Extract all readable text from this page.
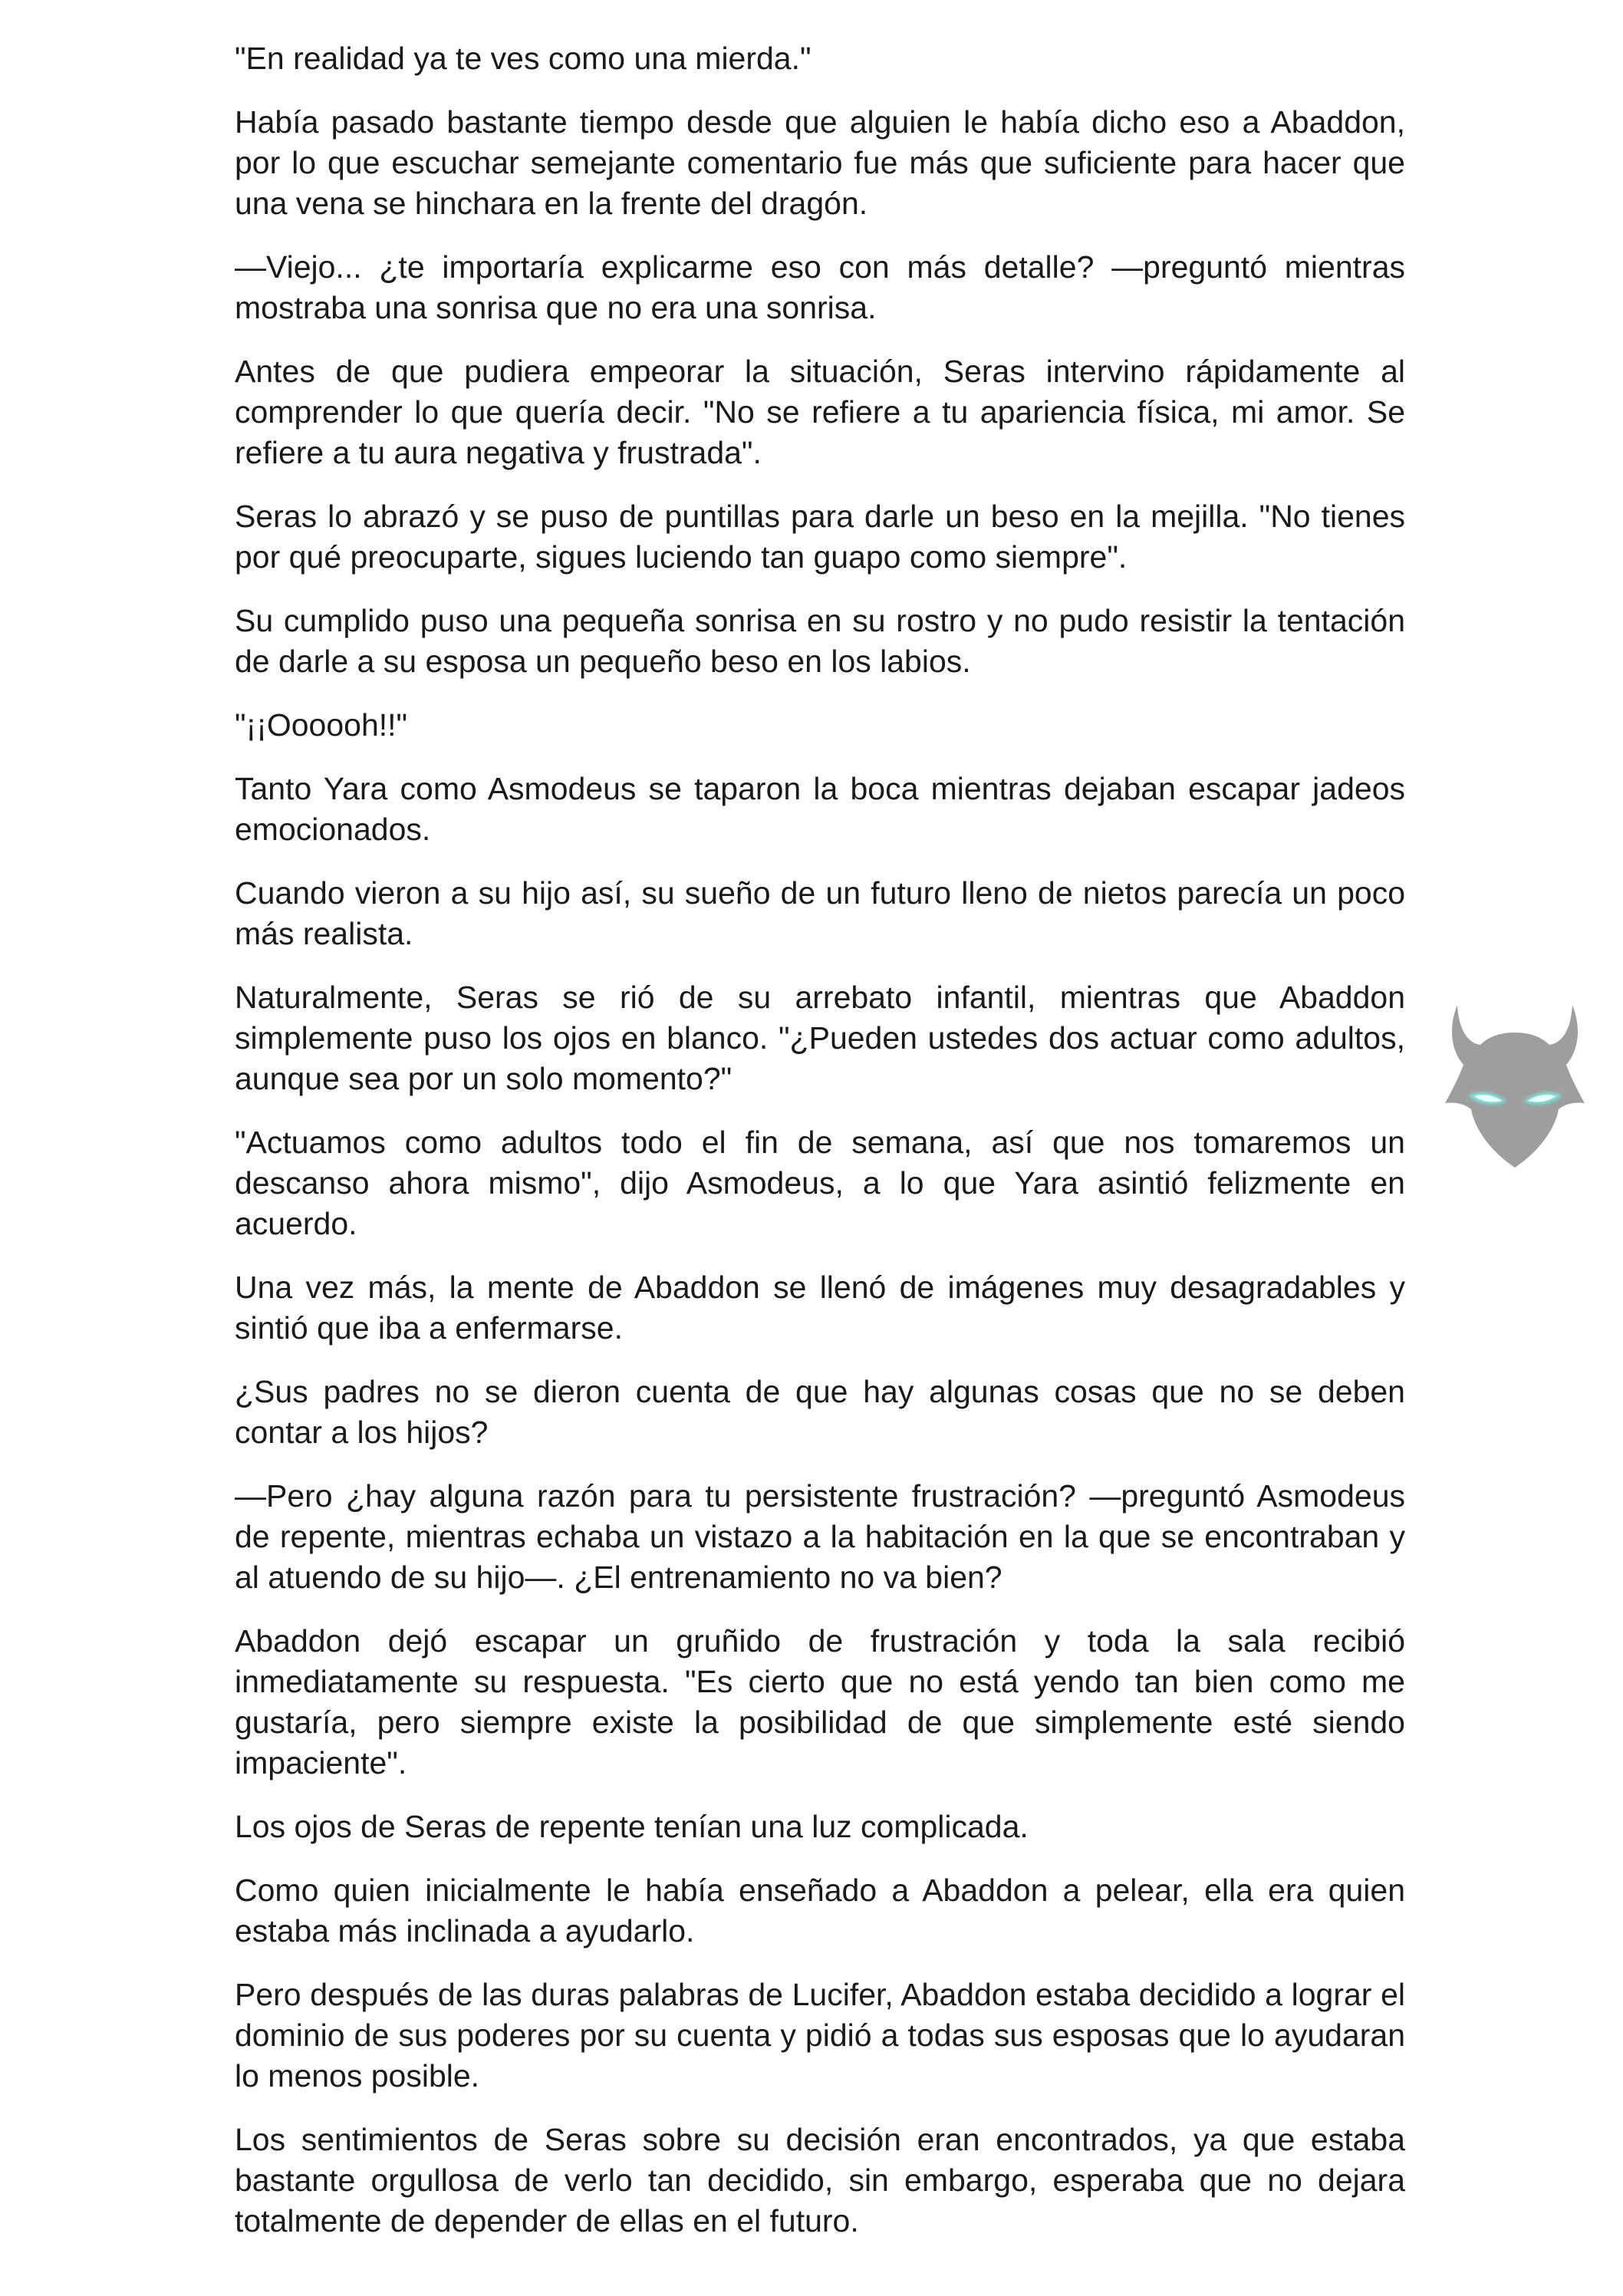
"En realidad ya te ves como una mierda."

Había pasado bastante tiempo desde que alguien le había dicho eso a Abaddon, por lo que escuchar semejante comentario fue más que suficiente para hacer que una vena se hinchara en la frente del dragón.

—Viejo... ¿te importaría explicarme eso con más detalle? —preguntó mientras mostraba una sonrisa que no era una sonrisa.

Antes de que pudiera empeorar la situación, Seras intervino rápidamente al comprender lo que quería decir. "No se refiere a tu apariencia física, mi amor. Se refiere a tu aura negativa y frustrada".

Seras lo abrazó y se puso de puntillas para darle un beso en la mejilla. "No tienes por qué preocuparte, sigues luciendo tan guapo como siempre".

Su cumplido puso una pequeña sonrisa en su rostro y no pudo resistir la tentación de darle a su esposa un pequeño beso en los labios.

"¡¡Oooooh!!"

Tanto Yara como Asmodeus se taparon la boca mientras dejaban escapar jadeos emocionados.

Cuando vieron a su hijo así, su sueño de un futuro lleno de nietos parecía un poco más realista.

Naturalmente, Seras se rió de su arrebato infantil, mientras que Abaddon simplemente puso los ojos en blanco. "¿Pueden ustedes dos actuar como adultos, aunque sea por un solo momento?"

"Actuamos como adultos todo el fin de semana, así que nos tomaremos un descanso ahora mismo", dijo Asmodeus, a lo que Yara asintió felizmente en acuerdo.

Una vez más, la mente de Abaddon se llenó de imágenes muy desagradables y sintió que iba a enfermarse.

¿Sus padres no se dieron cuenta de que hay algunas cosas que no se deben contar a los hijos?

—Pero ¿hay alguna razón para tu persistente frustración? —preguntó Asmodeus de repente, mientras echaba un vistazo a la habitación en la que se encontraban y al atuendo de su hijo—. ¿El entrenamiento no va bien?

Abaddon dejó escapar un gruñido de frustración y toda la sala recibió inmediatamente su respuesta. "Es cierto que no está yendo tan bien como me gustaría, pero siempre existe la posibilidad de que simplemente esté siendo impaciente".

Los ojos de Seras de repente tenían una luz complicada.

Como quien inicialmente le había enseñado a Abaddon a pelear, ella era quien estaba más inclinada a ayudarlo.

Pero después de las duras palabras de Lucifer, Abaddon estaba decidido a lograr el dominio de sus poderes por su cuenta y pidió a todas sus esposas que lo ayudaran lo menos posible.

Los sentimientos de Seras sobre su decisión eran encontrados, ya que estaba bastante orgullosa de verlo tan decidido, sin embargo, esperaba que no dejara totalmente de depender de ellas en el futuro.
